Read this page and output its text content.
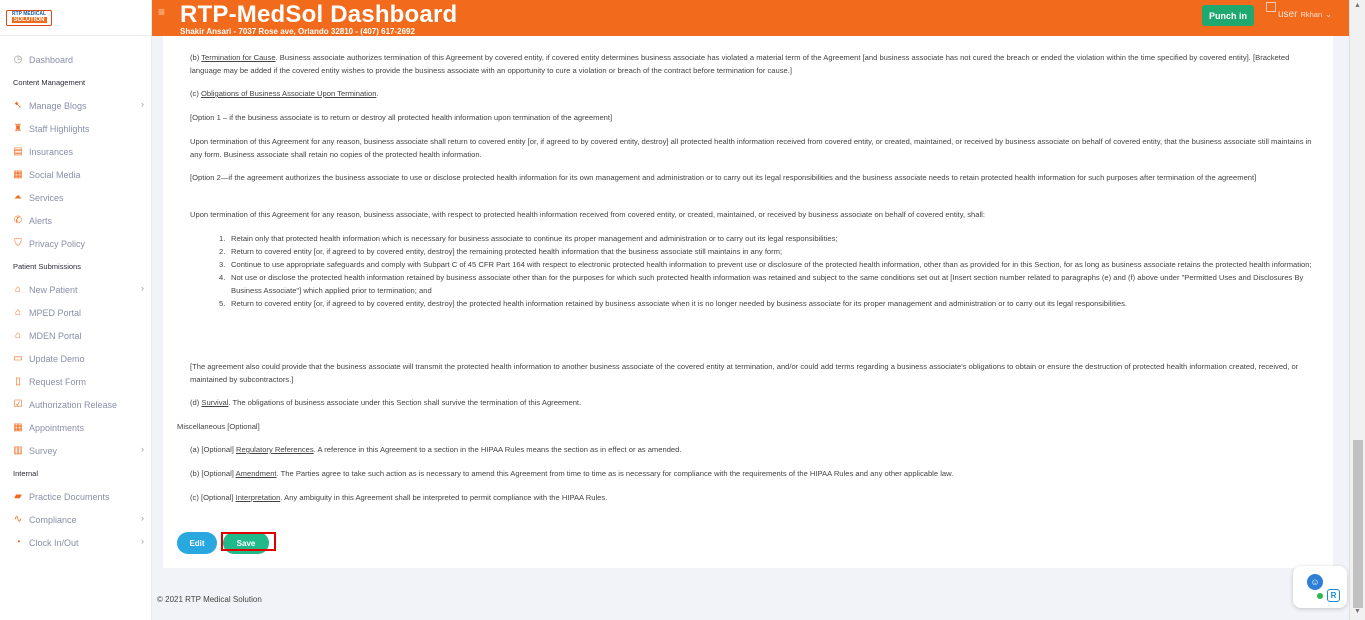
RTP MEDICAL
SOLUTION
◷ Dashboard
Content Management
➷ Manage Blogs	›
♜ Staff Highlights
▤ Insurances
▦ Social Media
⏶ Services
✆ Alerts
⛉ Privacy Policy
Patient Submissions
⌂ New Patient	›
⌂ MPED Portal
⌂ MDEN Portal
▭ Update Demo
▯ Request Form
☑ Authorization Release
▦ Appointments
▥ Survey	›
Internal
▰ Practice Documents
∿ Compliance	›
◔ Clock In/Out	›
≡ RTP-MedSol Dashboard
Shakir Ansari - 7037 Rose ave, Orlando 32810 - (407) 617-2692
Punch in	user Rkhan ⌄

(b) Termination for Cause. Business associate authorizes termination of this Agreement by covered entity, if covered entity determines business associate has violated a material term of the Agreement [and business associate has not cured the breach or ended the violation within the time specified by covered entity]. [Bracketed language may be added if the covered entity wishes to provide the business associate with an opportunity to cure a violation or breach of the contract before termination for cause.]

(c) Obligations of Business Associate Upon Termination.

[Option 1 – if the business associate is to return or destroy all protected health information upon termination of the agreement]

Upon termination of this Agreement for any reason, business associate shall return to covered entity [or, if agreed to by covered entity, destroy] all protected health information received from covered entity, or created, maintained, or received by business associate on behalf of covered entity, that the business associate still maintains in any form. Business associate shall retain no copies of the protected health information.

[Option 2—if the agreement authorizes the business associate to use or disclose protected health information for its own management and administration or to carry out its legal responsibilities and the business associate needs to retain protected health information for such purposes after termination of the agreement]

Upon termination of this Agreement for any reason, business associate, with respect to protected health information received from covered entity, or created, maintained, or received by business associate on behalf of covered entity, shall:

1. Retain only that protected health information which is necessary for business associate to continue its proper management and administration or to carry out its legal responsibilities;
2. Return to covered entity [or, if agreed to by covered entity, destroy] the remaining protected health information that the business associate still maintains in any form;
3. Continue to use appropriate safeguards and comply with Subpart C of 45 CFR Part 164 with respect to electronic protected health information to prevent use or disclosure of the protected health information, other than as provided for in this Section, for as long as business associate retains the protected health information;
4. Not use or disclose the protected health information retained by business associate other than for the purposes for which such protected health information was retained and subject to the same conditions set out at [Insert section number related to paragraphs (e) and (f) above under "Permitted Uses and Disclosures By Business Associate"] which applied prior to termination; and
5. Return to covered entity [or, if agreed to by covered entity, destroy] the protected health information retained by business associate when it is no longer needed by business associate for its proper management and administration or to carry out its legal responsibilities.

[The agreement also could provide that the business associate will transmit the protected health information to another business associate of the covered entity at termination, and/or could add terms regarding a business associate's obligations to obtain or ensure the destruction of protected health information created, received, or maintained by subcontractors.]

(d) Survival. The obligations of business associate under this Section shall survive the termination of this Agreement.

Miscellaneous [Optional]

(a) [Optional] Regulatory References. A reference in this Agreement to a section in the HIPAA Rules means the section as in effect or as amended.

(b) [Optional] Amendment. The Parties agree to take such action as is necessary to amend this Agreement from time to time as is necessary for compliance with the requirements of the HIPAA Rules and any other applicable law.

(c) [Optional] Interpretation. Any ambiguity in this Agreement shall be interpreted to permit compliance with the HIPAA Rules.

Edit	Save
© 2021 RTP Medical Solution
☺
R
▲
▼
